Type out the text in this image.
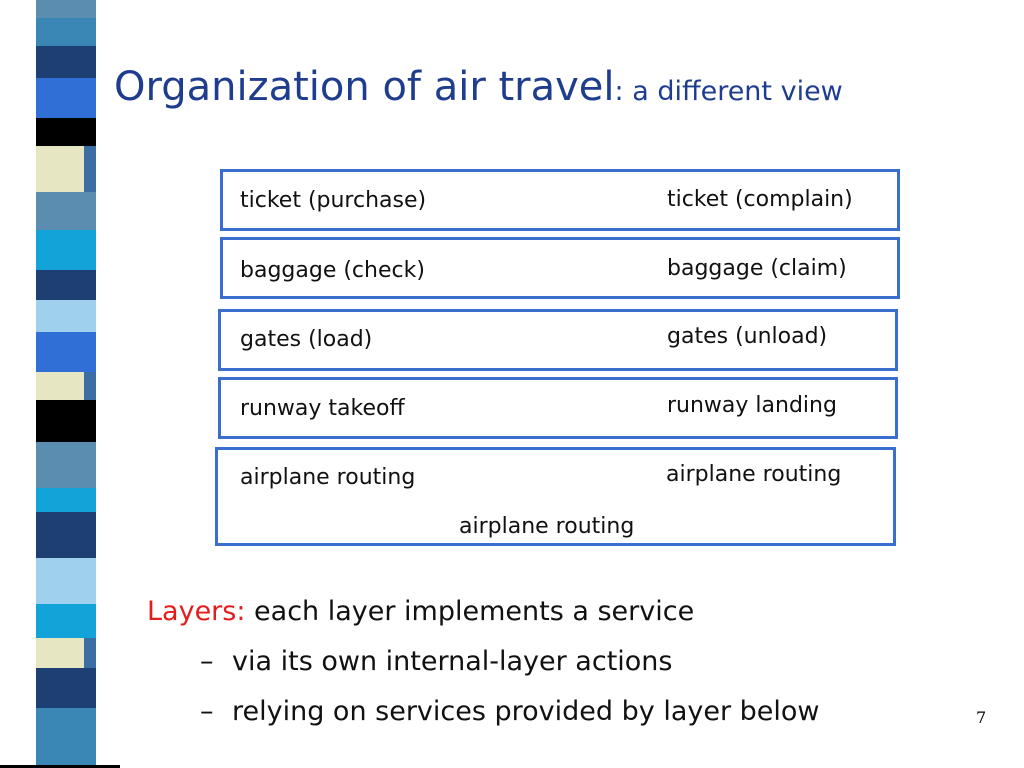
Organization of air travel: a different view
ticket (purchase)	ticket (complain)
baggage (check)	baggage (claim)
gates (load)	gates (unload)
runway takeoff	runway landing
airplane routing	airplane routing
airplane routing
Layers: each layer implements a service
– via its own internal-layer actions
– relying on services provided by layer below	7
